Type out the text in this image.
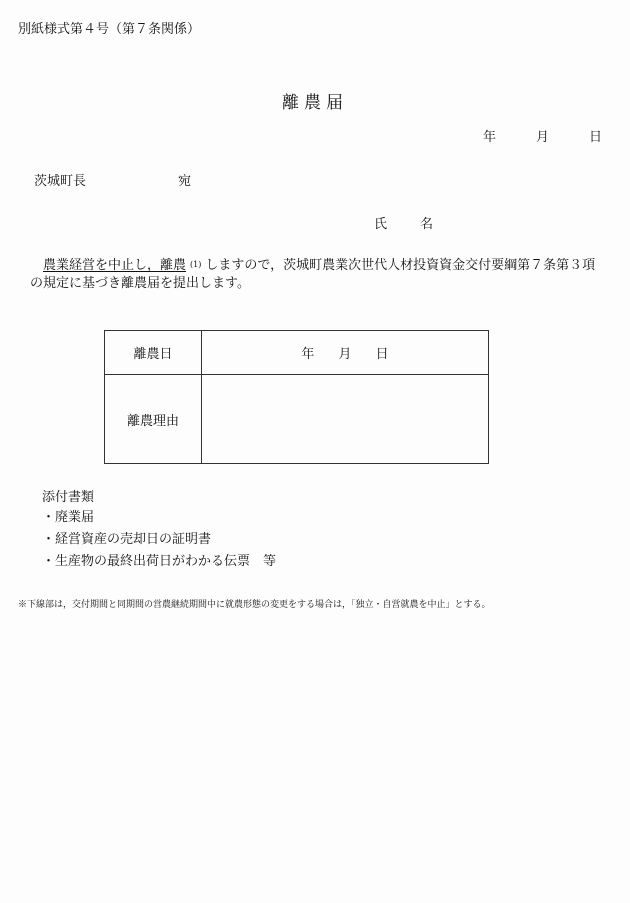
別紙様式第４号（第７条関係）
離農届
年	月	日
茨城町長	宛
氏　名
農業経営を中止し，離農 (1) しますので，茨城町農業次世代人材投資資金交付要綱第７条第３項の規定に基づき離農届を提出します。
離農日	年 月 日
離農理由	
添付書類
・廃業届
・経営資産の売却日の証明書
・生産物の最終出荷日がわかる伝票　等
※下線部は，交付期間と同期間の営農継続期間中に就農形態の変更をする場合は，「独立・自営就農を中止」とする。
